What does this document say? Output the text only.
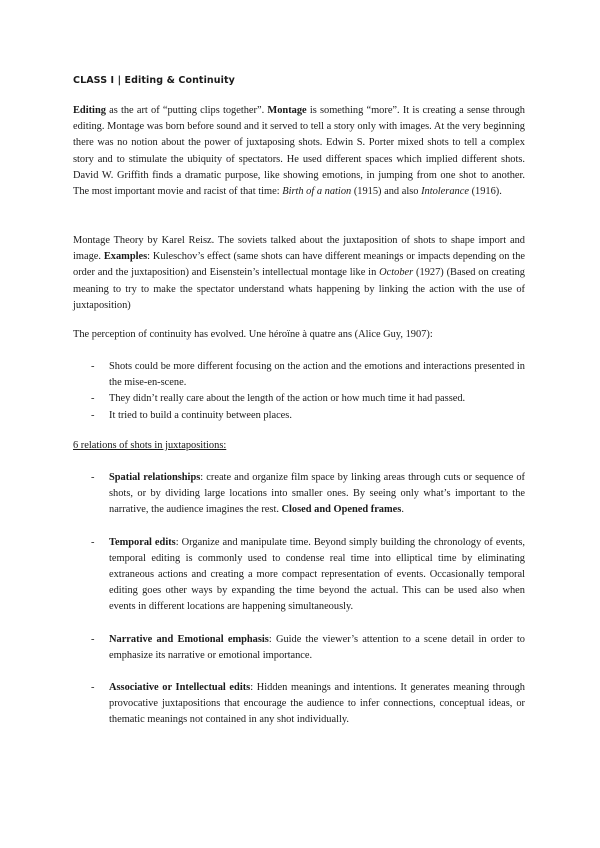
CLASS I | Editing & Continuity

Editing as the art of “putting clips together”. Montage is something “more”. It is creating a sense through editing. Montage was born before sound and it served to tell a story only with images. At the very beginning there was no notion about the power of juxtaposing shots. Edwin S. Porter mixed shots to tell a complex story and to stimulate the ubiquity of spectators. He used different spaces which implied different shots. David W. Griffith finds a dramatic purpose, like showing emotions, in jumping from one shot to another. The most important movie and racist of that time: Birth of a nation (1915) and also Intolerance (1916).

Montage Theory by Karel Reisz. The soviets talked about the juxtaposition of shots to shape import and image. Examples: Kuleschov’s effect (same shots can have different meanings or impacts depending on the order and the juxtaposition) and Eisenstein’s intellectual montage like in October (1927) (Based on creating meaning to try to make the spectator understand whats happening by linking the action with the use of juxtaposition)

The perception of continuity has evolved. Une héroïne à quatre ans (Alice Guy, 1907):

- Shots could be more different focusing on the action and the emotions and interactions presented in the mise-en-scene.
- They didn’t really care about the length of the action or how much time it had passed.
- It tried to build a continuity between places.

6 relations of shots in juxtapositions:

- Spatial relationships: create and organize film space by linking areas through cuts or sequence of shots, or by dividing large locations into smaller ones. By seeing only what’s important to the narrative, the audience imagines the rest. Closed and Opened frames.
- Temporal edits: Organize and manipulate time. Beyond simply building the chronology of events, temporal editing is commonly used to condense real time into elliptical time by eliminating extraneous actions and creating a more compact representation of events. Occasionally temporal editing goes other ways by expanding the time beyond the actual. This can be used also when events in different locations are happening simultaneously.
- Narrative and Emotional emphasis: Guide the viewer’s attention to a scene detail in order to emphasize its narrative or emotional importance.
- Associative or Intellectual edits: Hidden meanings and intentions. It generates meaning through provocative juxtapositions that encourage the audience to infer connections, conceptual ideas, or thematic meanings not contained in any shot individually.
